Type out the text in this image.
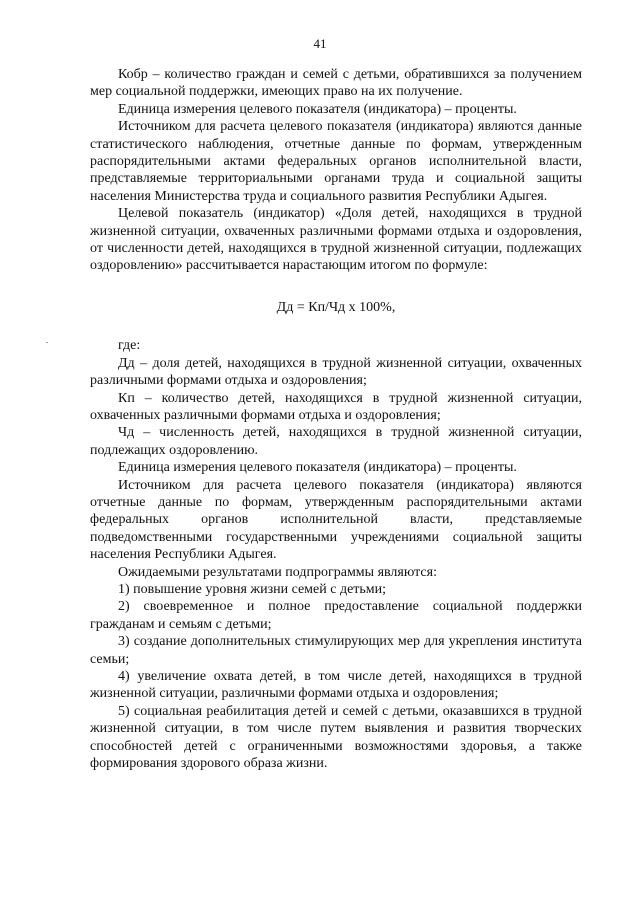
41

Кобр – количество граждан и семей с детьми, обратившихся за получением мер социальной поддержки, имеющих право на их получение.

Единица измерения целевого показателя (индикатора) – проценты.

Источником для расчета целевого показателя (индикатора) являются данные статистического наблюдения, отчетные данные по формам, утвержденным распорядительными актами федеральных органов исполнительной власти, представляемые территориальными органами труда и социальной защиты населения Министерства труда и социального развития Республики Адыгея.

Целевой показатель (индикатор) «Доля детей, находящихся в трудной жизненной ситуации, охваченных различными формами отдыха и оздоровления, от численности детей, находящихся в трудной жизненной ситуации, подлежащих оздоровлению» рассчитывается нарастающим итогом по формуле:

Дд = Кп/Чд х 100%,

где:

Дд – доля детей, находящихся в трудной жизненной ситуации, охваченных различными формами отдыха и оздоровления;

Кп – количество детей, находящихся в трудной жизненной ситуации, охваченных различными формами отдыха и оздоровления;

Чд – численность детей, находящихся в трудной жизненной ситуации, подлежащих оздоровлению.

Единица измерения целевого показателя (индикатора) – проценты.

Источником для расчета целевого показателя (индикатора) являются отчетные данные по формам, утвержденным распорядительными актами федеральных органов исполнительной власти, представляемые подведомственными государственными учреждениями социальной защиты населения Республики Адыгея.

Ожидаемыми результатами подпрограммы являются:

1) повышение уровня жизни семей с детьми;

2) своевременное и полное предоставление социальной поддержки гражданам и семьям с детьми;

3) создание дополнительных стимулирующих мер для укрепления института семьи;

4) увеличение охвата детей, в том числе детей, находящихся в трудной жизненной ситуации, различными формами отдыха и оздоровления;

5) социальная реабилитация детей и семей с детьми, оказавшихся в трудной жизненной ситуации, в том числе путем выявления и развития творческих способностей детей с ограниченными возможностями здоровья, а также формирования здорового образа жизни.
